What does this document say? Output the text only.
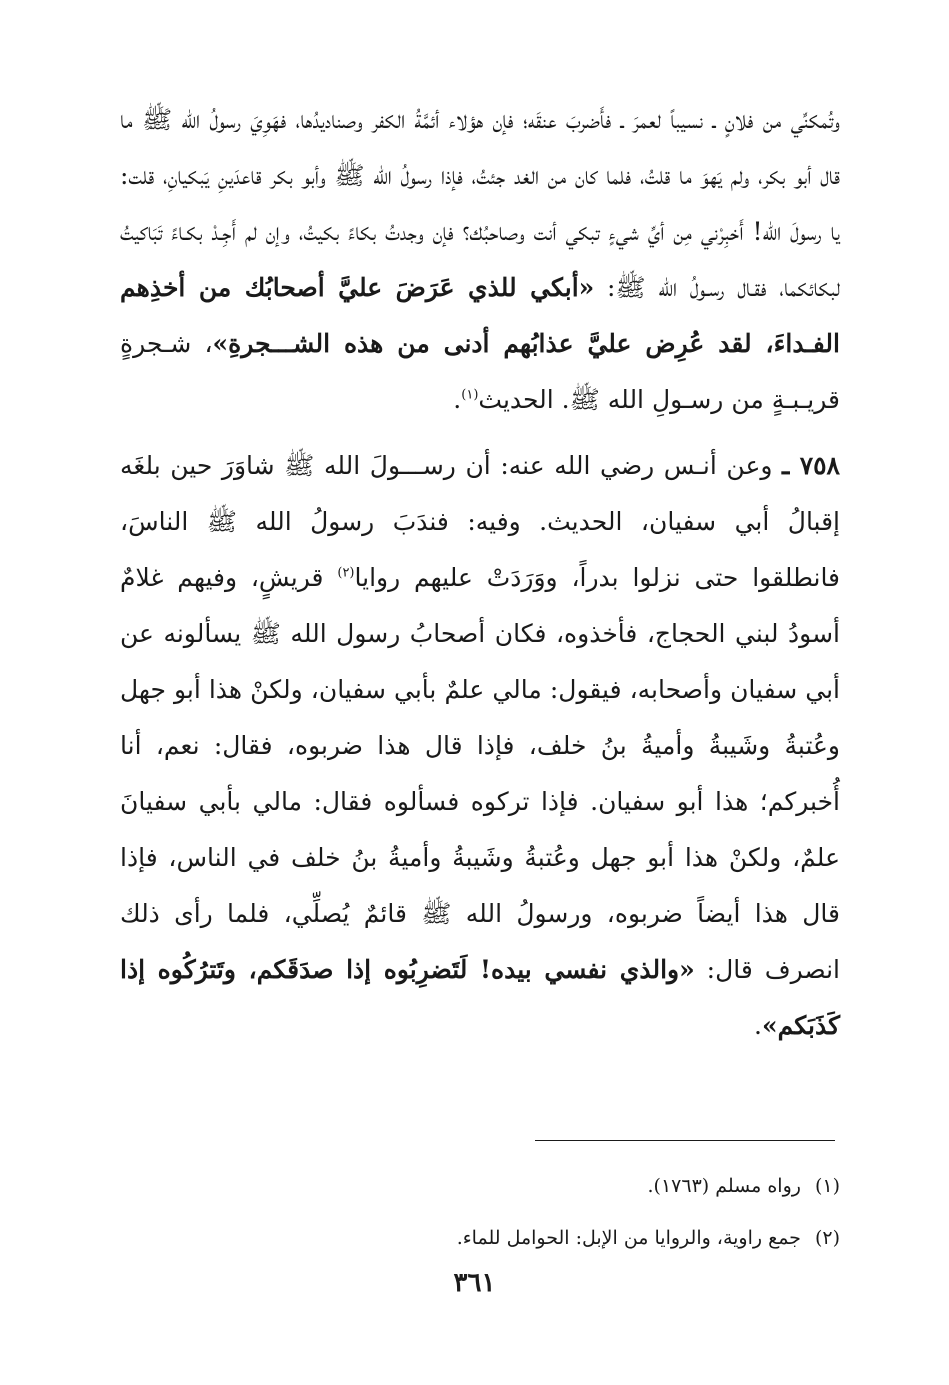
وتُمكنِّي من فلانٍ ـ نسيباً لعمرَ ـ فأَضربَ عنقَه؛ فإن هؤلاء أئمَّةُ الكفر وصناديدُها، فهَوِيَ رسولُ الله ﷺ ما قال أبو بكر، ولم يَهوَ ما قلتُ، فلما كان من الغد جئتُ، فإذا رسولُ الله ﷺ وأبو بكر قاعدَينِ يَبكيانِ، قلت: يا رسولَ الله! أَخبِرْني مِن أيِّ شيءٍ تبكي أنت وصاحبُك؟ فإن وجدتُ بكاءً بكيتُ، وإن لم أَجِـدْ بكـاءً تَبَاكيتُ لبكائكما، فقـال رسـولُ الله ﷺ: «أبكي للذي عَرَضَ عليَّ أصحابُك من أخذِهم الفـداءَ، لقد عُرِض عليَّ عذابُهم أدنى من هذه الشـــجرةِ»، شـجرةٍ قريـبـةٍ من رسـولِ الله ﷺ. الحديث$^{(١)}$.

٧٥٨ ـ وعن أنـس رضي الله عنه: أن رســـولَ الله ﷺ شاوَرَ حين بلغَه إقبالُ أبي سفيان، الحديث. وفيه: فندَبَ رسولُ الله ﷺ الناسَ، فانطلقوا حتى نزلوا بدراً، ووَرَدَتْ عليهم روايا$^{(٢)}$ قريشٍ، وفيهم غلامٌ أسودُ لبني الحجاج، فأخذوه، فكان أصحابُ رسول الله ﷺ يسألونه عن أبي سفيان وأصحابه، فيقول: مالي علمٌ بأبي سفيان، ولكنْ هذا أبو جهل وعُتبةُ وشَيبةُ وأميةُ بنُ خلف، فإذا قال هذا ضربوه، فقال: نعم، أنا أُخبركم؛ هذا أبو سفيان. فإذا تركوه فسألوه فقال: مالي بأبي سفيانَ علمٌ، ولكنْ هذا أبو جهل وعُتبةُ وشَيبةُ وأميةُ بنُ خلف في الناس، فإذا قال هذا أيضاً ضربوه، ورسولُ الله ﷺ قائمٌ يُصلِّي، فلما رأى ذلك انصرف قال: «والذي نفسي بيده! لَتَضرِبُوه إذا صدَقَكم، وتَترُكُوه إذا كَذَبَكم».

(١)رواه مسلم (١٧٦٣).

(٢)جمع راوية، والروايا من الإبل: الحوامل للماء.

٣٦١
